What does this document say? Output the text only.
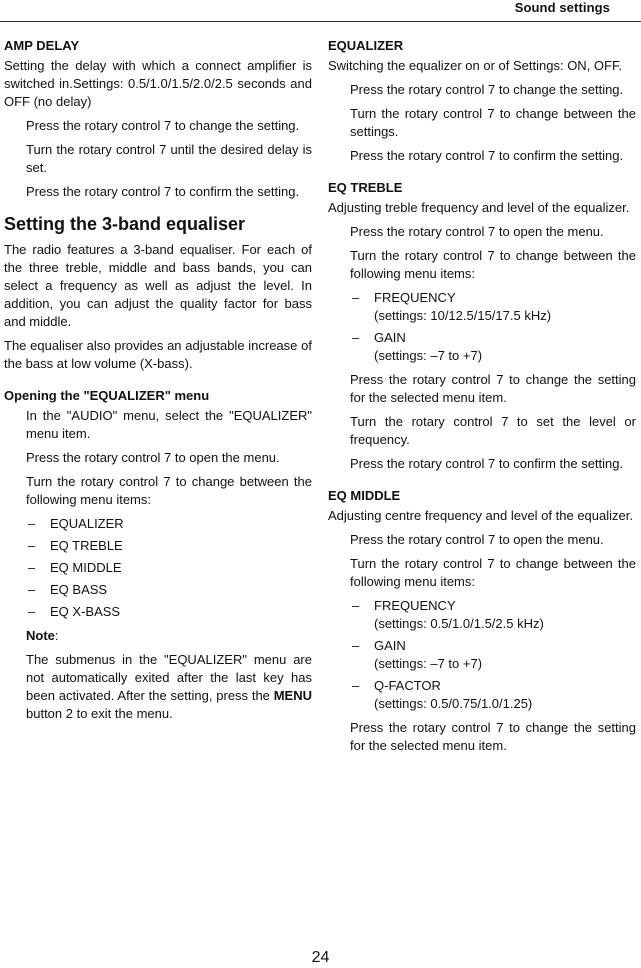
Sound settings
AMP DELAY
Setting the delay with which a connect amplifier is switched in.Settings: 0.5/1.0/1.5/2.0/2.5 seconds and OFF (no delay)
Press the rotary control 7 to change the setting.
Turn the rotary control 7 until the desired delay is set.
Press the rotary control 7 to confirm the setting.
Setting the 3-band equaliser
The radio features a 3-band equaliser. For each of the three treble, middle and bass bands, you can select a frequency as well as adjust the level. In addition, you can adjust the quality factor for bass and middle.
The equaliser also provides an adjustable increase of the bass at low volume (X-bass).
Opening the "EQUALIZER" menu
In the "AUDIO" menu, select the "EQUALIZER" menu item.
Press the rotary control 7 to open the menu.
Turn the rotary control 7 to change between the following menu items:
– EQUALIZER
– EQ TREBLE
– EQ MIDDLE
– EQ BASS
– EQ X-BASS
Note:
The submenus in the "EQUALIZER" menu are not automatically exited after the last key has been activated. After the setting, press the MENU button 2 to exit the menu.
EQUALIZER
Switching the equalizer on or of Settings: ON, OFF.
Press the rotary control 7 to change the setting.
Turn the rotary control 7 to change between the settings.
Press the rotary control 7 to confirm the setting.
EQ TREBLE
Adjusting treble frequency and level of the equalizer.
Press the rotary control 7 to open the menu.
Turn the rotary control 7 to change between the following menu items:
– FREQUENCY
(settings: 10/12.5/15/17.5 kHz)
– GAIN
(settings: –7 to +7)
Press the rotary control 7 to change the setting for the selected menu item.
Turn the rotary control 7 to set the level or frequency.
Press the rotary control 7 to confirm the setting.
EQ MIDDLE
Adjusting centre frequency and level of the equalizer.
Press the rotary control 7 to open the menu.
Turn the rotary control 7 to change between the following menu items:
– FREQUENCY
(settings: 0.5/1.0/1.5/2.5 kHz)
– GAIN
(settings: –7 to +7)
– Q-FACTOR
(settings: 0.5/0.75/1.0/1.25)
Press the rotary control 7 to change the setting for the selected menu item.
24
